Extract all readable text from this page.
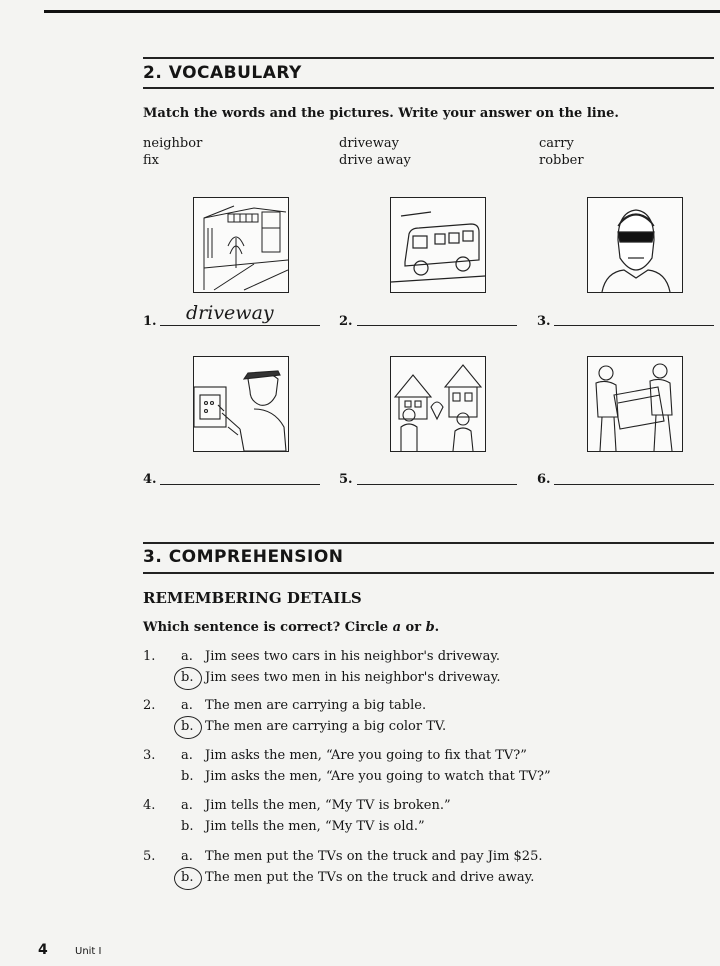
2. VOCABULARY
Match the words and the pictures. Write your answer on the line.
neighbor
fix
driveway
drive away
carry
robber
1. driveway	2.	3.
4.	5.	6.
3. COMPREHENSION
REMEMBERING DETAILS
Which sentence is correct? Circle a or b.
1. a. Jim sees two cars in his neighbor's driveway.
b. Jim sees two men in his neighbor's driveway.
2. a. The men are carrying a big table.
b. The men are carrying a big color TV.
3. a. Jim asks the men, “Are you going to fix that TV?”
b. Jim asks the men, “Are you going to watch that TV?”
4. a. Jim tells the men, “My TV is broken.”
b. Jim tells the men, “My TV is old.”
5. a. The men put the TVs on the truck and pay Jim $25.
b. The men put the TVs on the truck and drive away.
4	Unit I
